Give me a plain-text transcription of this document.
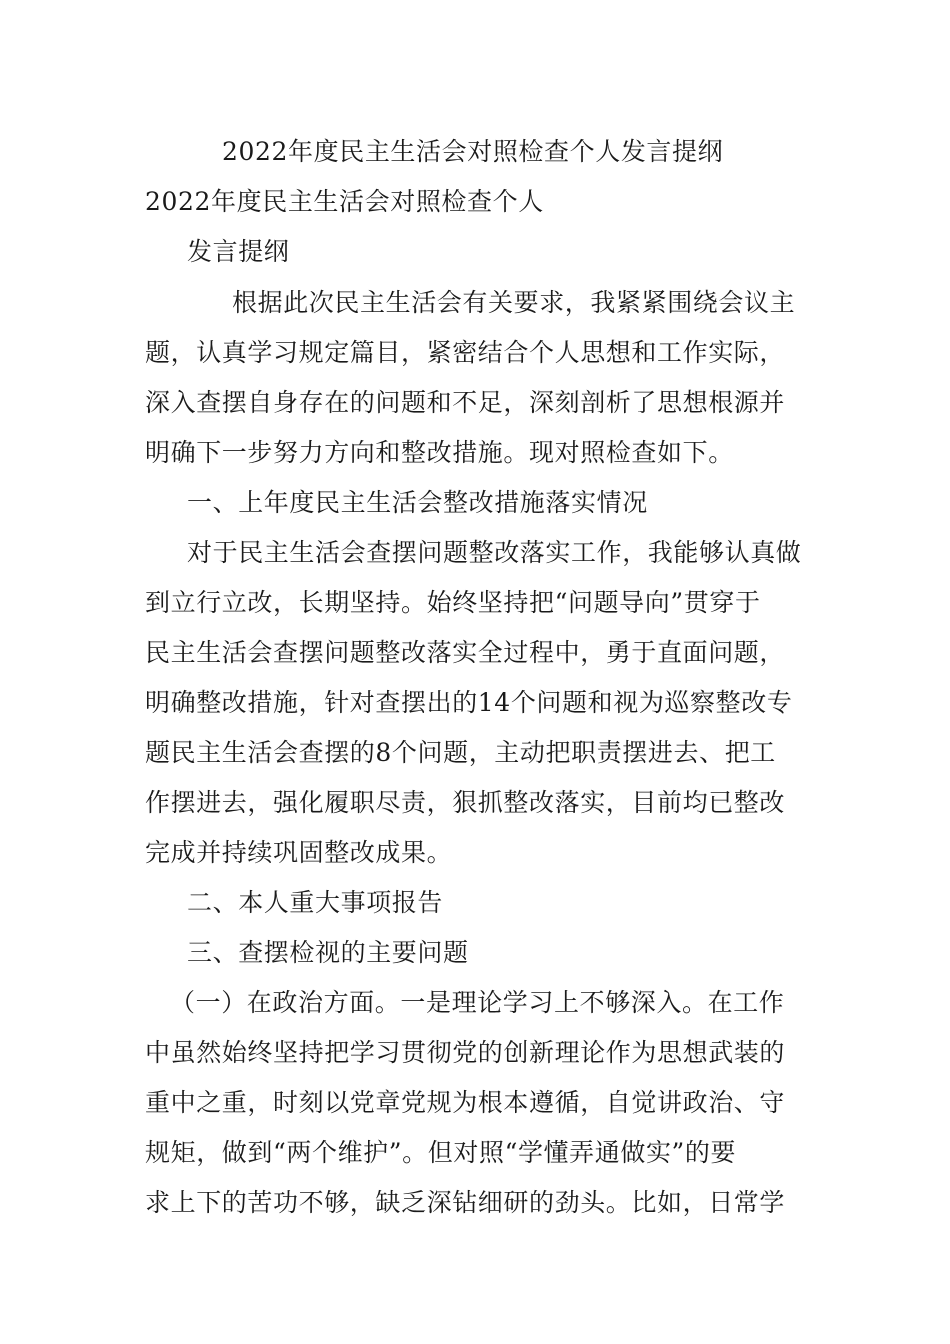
2022年度民主生活会对照检查个人发言提纲
2022年度民主生活会对照检查个人
发言提纲
根据此次民主生活会有关要求，我紧紧围绕会议主
题，认真学习规定篇目，紧密结合个人思想和工作实际，
深入查摆自身存在的问题和不足，深刻剖析了思想根源并
明确下一步努力方向和整改措施。现对照检查如下。
一、上年度民主生活会整改措施落实情况
对于民主生活会查摆问题整改落实工作，我能够认真做
到立行立改，长期坚持。始终坚持把“问题导向”贯穿于
民主生活会查摆问题整改落实全过程中，勇于直面问题，
明确整改措施，针对查摆出的14个问题和视为巡察整改专
题民主生活会查摆的8个问题，主动把职责摆进去、把工
作摆进去，强化履职尽责，狠抓整改落实，目前均已整改
完成并持续巩固整改成果。
二、本人重大事项报告
三、查摆检视的主要问题
（一）在政治方面。一是理论学习上不够深入。在工作
中虽然始终坚持把学习贯彻党的创新理论作为思想武装的
重中之重，时刻以党章党规为根本遵循，自觉讲政治、守
规矩，做到“两个维护”。但对照“学懂弄通做实”的要
求上下的苦功不够，缺乏深钻细研的劲头。比如，日常学
